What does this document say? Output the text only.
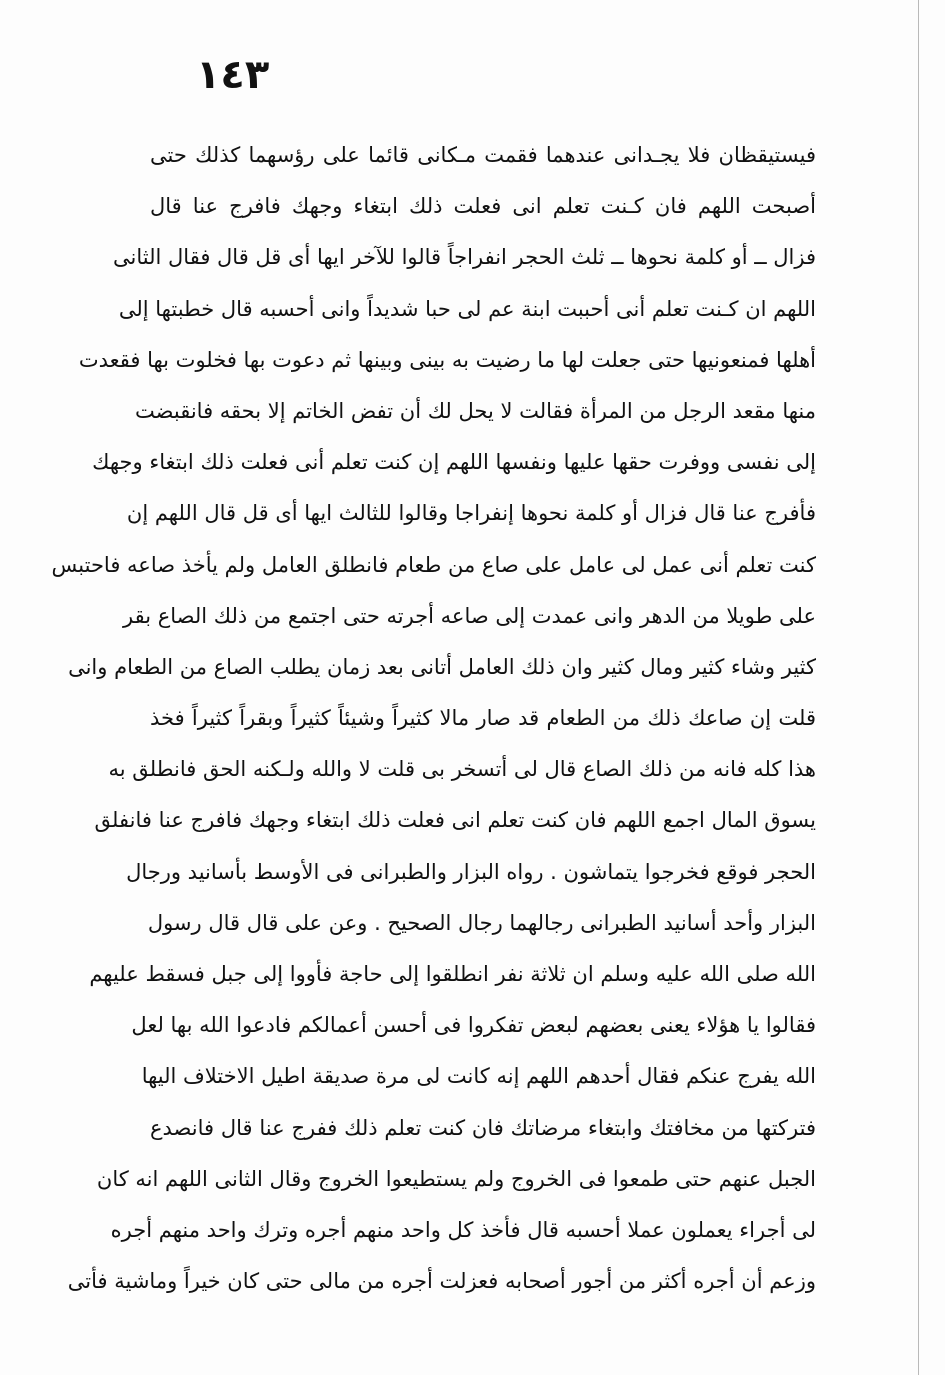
١٤٣
فيستيقظان فلا يجـدانى عندهما فقمت مـكانى قائما على رؤسهما كذلك حتى
أصبحت اللهم فان كـنت تعلم انى فعلت ذلك ابتغاء وجهك فافرج عنا قال
فزال ــ أو كلمة نحوها ــ ثلث الحجر انفراجاً قالوا للآخر ايها أى قل قال فقال الثانى
اللهم ان كـنت تعلم أنى أحببت ابنة عم لى حبا شديداً وانى أحسبه قال خطبتها إلى
أهلها فمنعونيها حتى جعلت لها ما رضيت به بينى وبينها ثم دعوت بها فخلوت بها فقعدت
منها مقعد الرجل من المرأة فقالت لا يحل لك أن تفض الخاتم إلا بحقه فانقبضت
إلى نفسى ووفرت حقها عليها ونفسها اللهم إن كنت تعلم أنى فعلت ذلك ابتغاء وجهك
فأفرج عنا قال فزال أو كلمة نحوها إنفراجا وقالوا للثالث ايها أى قل قال اللهم إن
كنت تعلم أنى عمل لى عامل على صاع من طعام فانطلق العامل ولم يأخذ صاعه فاحتبس
على طويلا من الدهر وانى عمدت إلى صاعه أجرته حتى اجتمع من ذلك الصاع بقر
كثير وشاء كثير ومال كثير وان ذلك العامل أتانى بعد زمان يطلب الصاع من الطعام وانى
قلت إن صاعك ذلك من الطعام قد صار مالا كثيراً وشيئاً كثيراً وبقراً كثيراً فخذ
هذا كله فانه من ذلك الصاع قال لى أتسخر بى قلت لا والله ولـكنه الحق فانطلق به
يسوق المال اجمع اللهم فان كنت تعلم انى فعلت ذلك ابتغاء وجهك فافرج عنا فانفلق
الحجر فوقع فخرجوا يتماشون . رواه البزار والطبرانى فى الأوسط بأسانيد ورجال
البزار وأحد أسانيد الطبرانى رجالهما رجال الصحيح . وعن على قال قال رسول
الله صلى الله عليه وسلم ان ثلاثة نفر انطلقوا إلى حاجة فأووا إلى جبل فسقط عليهم
فقالوا يا هؤلاء يعنى بعضهم لبعض تفكروا فى أحسن أعمالكم فادعوا الله بها لعل
الله يفرج عنكم فقال أحدهم اللهم إنه كانت لى مرة صديقة اطيل الاختلاف اليها
فتركتها من مخافتك وابتغاء مرضاتك فان كنت تعلم ذلك ففرج عنا قال فانصدع
الجبل عنهم حتى طمعوا فى الخروج ولم يستطيعوا الخروج وقال الثانى اللهم انه كان
لى أجراء يعملون عملا أحسبه قال فأخذ كل واحد منهم أجره وترك واحد منهم أجره
وزعم أن أجره أكثر من أجور أصحابه فعزلت أجره من مالى حتى كان خيراً وماشية فأتى
